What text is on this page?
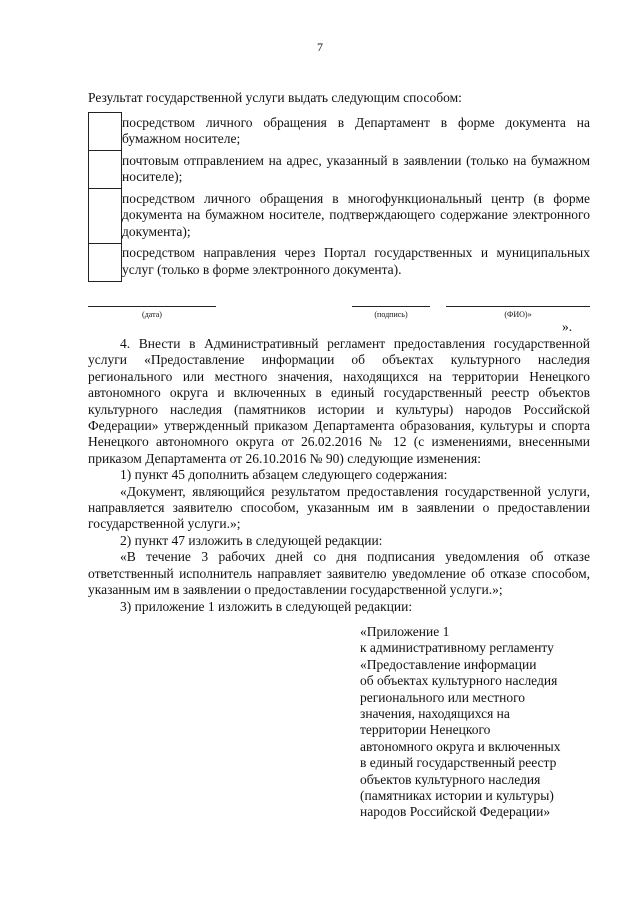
7
Результат государственной услуги выдать следующим способом:
	посредством личного обращения в Департамент в форме документа на бумажном носителе;
	почтовым отправлением на адрес, указанный в заявлении (только на бумажном носителе);
	посредством личного обращения в многофункциональный центр (в форме документа на бумажном носителе, подтверждающего содержание электронного документа);
	посредством направления через Портал государственных и муниципальных услуг (только в форме электронного документа).
(дата)	(подпись)	(ФИО)»
».

4. Внести в Административный регламент предоставления государственной услуги «Предоставление информации об объектах культурного наследия регионального или местного значения, находящихся на территории Ненецкого автономного округа и включенных в единый государственный реестр объектов культурного наследия (памятников истории и культуры) народов Российской Федерации» утвержденный приказом Департамента образования, культуры и спорта Ненецкого автономного округа от 26.02.2016 № 12 (с изменениями, внесенными приказом Департамента от 26.10.2016 № 90) следующие изменения:

1) пункт 45 дополнить абзацем следующего содержания:

«Документ, являющийся результатом предоставления государственной услуги, направляется заявителю способом, указанным им в заявлении о предоставлении государственной услуги.»;

2) пункт 47 изложить в следующей редакции:

«В течение 3 рабочих дней со дня подписания уведомления об отказе ответственный исполнитель направляет заявителю уведомление об отказе способом, указанным им в заявлении о предоставлении государственной услуги.»;

3) приложение 1 изложить в следующей редакции:

«Приложение 1
к административному регламенту
«Предоставление информации
об объектах культурного наследия
регионального или местного
значения, находящихся на
территории Ненецкого
автономного округа и включенных
в единый государственный реестр
объектов культурного наследия
(памятниках истории и культуры)
народов Российской Федерации»
